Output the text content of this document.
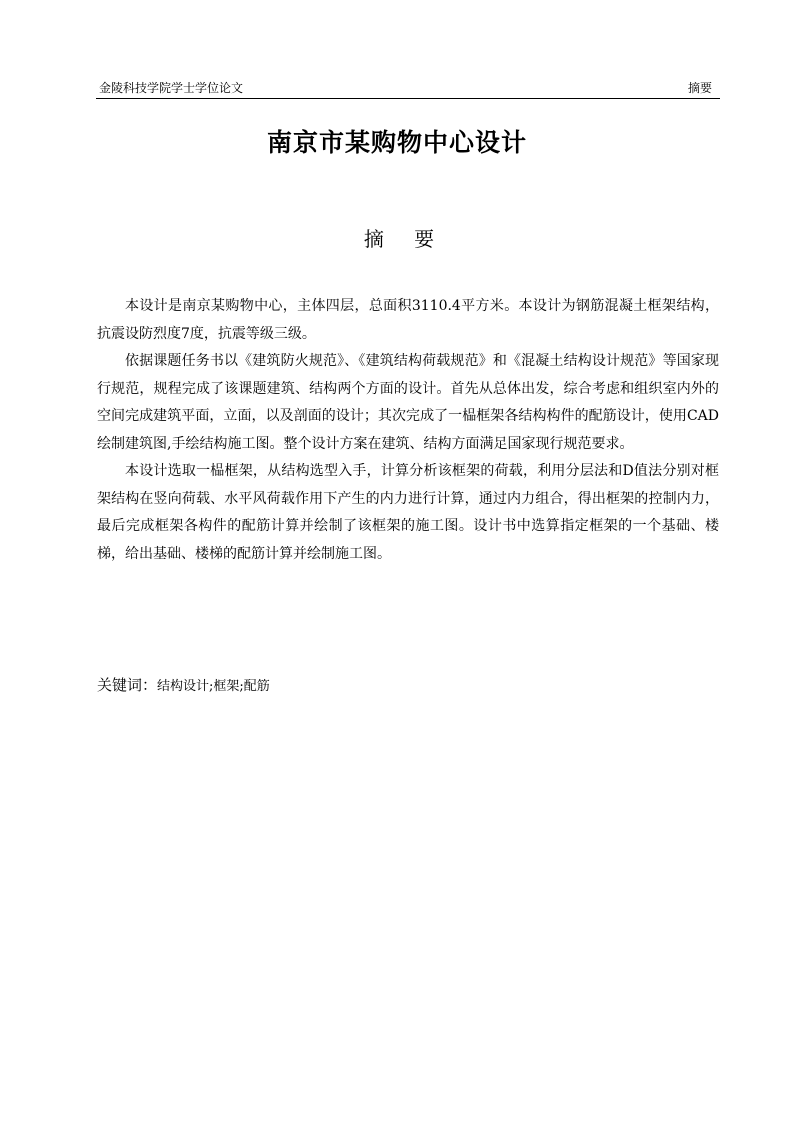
金陵科技学院学士学位论文	摘要
南京市某购物中心设计
摘 要

本设计是南京某购物中心，主体四层，总面积3110.4平方米。本设计为钢筋混凝土框架结构，抗震设防烈度7度，抗震等级三级。

依据课题任务书以《建筑防火规范》、《建筑结构荷载规范》和《混凝土结构设计规范》等国家现行规范，规程完成了该课题建筑、结构两个方面的设计。首先从总体出发，综合考虑和组织室内外的空间完成建筑平面，立面，以及剖面的设计；其次完成了一榀框架各结构构件的配筋设计，使用CAD绘制建筑图,手绘结构施工图。整个设计方案在建筑、结构方面满足国家现行规范要求。

本设计选取一榀框架，从结构选型入手，计算分析该框架的荷载，利用分层法和D值法分别对框架结构在竖向荷载、水平风荷载作用下产生的内力进行计算，通过内力组合，得出框架的控制内力，最后完成框架各构件的配筋计算并绘制了该框架的施工图。设计书中选算指定框架的一个基础、楼梯，给出基础、楼梯的配筋计算并绘制施工图。

关键词：结构设计;框架;配筋
